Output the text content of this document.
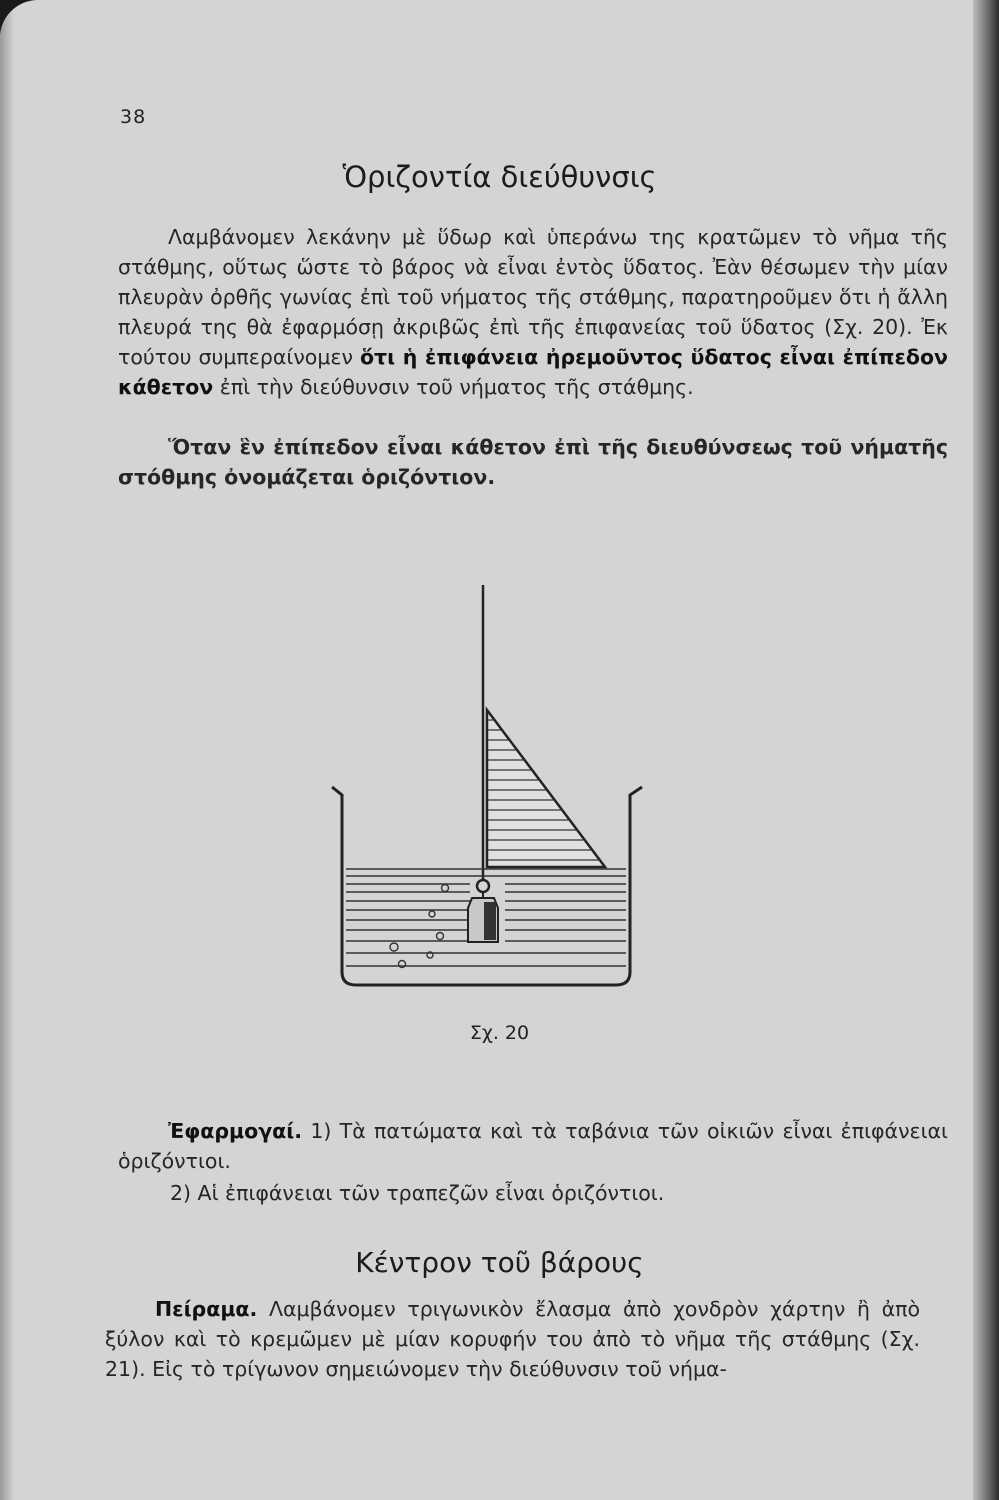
38
Ὁριζοντία διεύθυνσις

Λαμβάνομεν λεκάνην μὲ ὕδωρ καὶ ὑπεράνω της κρατῶμεν τὸ νῆμα τῆς στάθμης, οὕτως ὥστε τὸ βάρος νὰ εἶναι ἐντὸς ὕδατος. Ἐὰν θέσωμεν τὴν μίαν πλευρὰν ὀρθῆς γωνίας ἐπὶ τοῦ νήματος τῆς στάθμης, παρατηροῦμεν ὅτι ἡ ἄλλη πλευρά της θὰ ἐφαρμόσῃ ἀκριβῶς ἐπὶ τῆς ἐπιφανείας τοῦ ὕδατος (Σχ. 20). Ἐκ τούτου συμπεραίνομεν ὅτι ἡ ἐπιφάνεια ἠρεμοῦντος ὕδατος εἶναι ἐπίπεδον κάθετον ἐπὶ τὴν διεύθυνσιν τοῦ νήματος τῆς στάθμης.

Ὅταν ἓν ἐπίπεδον εἶναι κάθετον ἐπὶ τῆς διευθύνσεως τοῦ νήματῆς στόθμης ὀνομάζεται ὁριζόντιον.

Σχ. 20

Ἐφαρμογαί. 1) Τὰ πατώματα καὶ τὰ ταβάνια τῶν οἰκιῶν εἶναι ἐπιφάνειαι ὁριζόντιοι.

2) Αἱ ἐπιφάνειαι τῶν τραπεζῶν εἶναι ὁριζόντιοι.

Κέντρον τοῦ βάρους

Πείραμα. Λαμβάνομεν τριγωνικὸν ἔλασμα ἀπὸ χονδρὸν χάρτην ἢ ἀπὸ ξύλον καὶ τὸ κρεμῶμεν μὲ μίαν κορυφήν του ἀπὸ τὸ νῆμα τῆς στάθμης (Σχ. 21). Εἰς τὸ τρίγωνον σημειώνομεν τὴν διεύθυνσιν τοῦ νήμα-
